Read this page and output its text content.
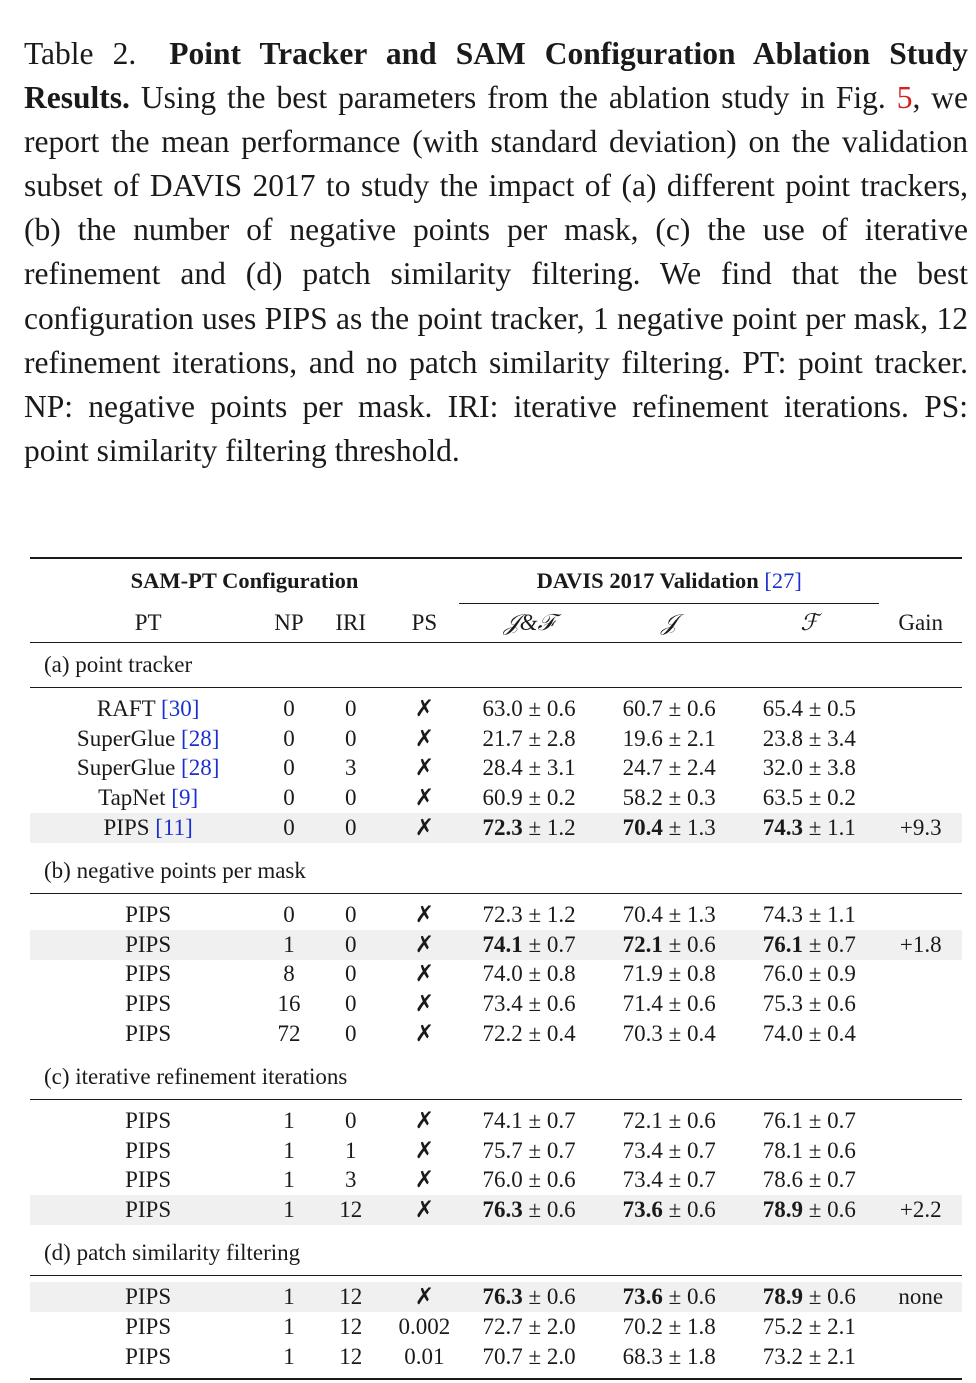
Table 2. Point Tracker and SAM Configuration Ablation Study Results. Using the best parameters from the ablation study in Fig. 5, we report the mean performance (with standard deviation) on the validation subset of DAVIS 2017 to study the impact of (a) different point trackers, (b) the number of negative points per mask, (c) the use of iterative refinement and (d) patch similarity filtering. We find that the best configuration uses PIPS as the point tracker, 1 negative point per mask, 12 refinement iterations, and no patch similarity filtering. PT: point tracker. NP: negative points per mask. IRI: iterative refinement iterations. PS: point similarity filtering threshold.

SAM-PT Configuration				DAVIS 2017 Validation [27]			
PT	NP	IRI	PS	𝒥&ℱ	𝒥	ℱ	Gain
(a) point tracker							

RAFT [30]	0	0	✗	63.0 ± 0.6	60.7 ± 0.6	65.4 ± 0.5	
SuperGlue [28]	0	0	✗	21.7 ± 2.8	19.6 ± 2.1	23.8 ± 3.4	
SuperGlue [28]	0	3	✗	28.4 ± 3.1	24.7 ± 2.4	32.0 ± 3.8	
TapNet [9]	0	0	✗	60.9 ± 0.2	58.2 ± 0.3	63.5 ± 0.2	
PIPS [11]	0	0	✗	72.3 ± 1.2	70.4 ± 1.3	74.3 ± 1.1	+9.3

(b) negative points per mask							

PIPS	0	0	✗	72.3 ± 1.2	70.4 ± 1.3	74.3 ± 1.1	
PIPS	1	0	✗	74.1 ± 0.7	72.1 ± 0.6	76.1 ± 0.7	+1.8
PIPS	8	0	✗	74.0 ± 0.8	71.9 ± 0.8	76.0 ± 0.9	
PIPS	16	0	✗	73.4 ± 0.6	71.4 ± 0.6	75.3 ± 0.6	
PIPS	72	0	✗	72.2 ± 0.4	70.3 ± 0.4	74.0 ± 0.4	

(c) iterative refinement iterations							

PIPS	1	0	✗	74.1 ± 0.7	72.1 ± 0.6	76.1 ± 0.7	
PIPS	1	1	✗	75.7 ± 0.7	73.4 ± 0.7	78.1 ± 0.6	
PIPS	1	3	✗	76.0 ± 0.6	73.4 ± 0.7	78.6 ± 0.7	
PIPS	1	12	✗	76.3 ± 0.6	73.6 ± 0.6	78.9 ± 0.6	+2.2

(d) patch similarity filtering							

PIPS	1	12	✗	76.3 ± 0.6	73.6 ± 0.6	78.9 ± 0.6	none
PIPS	1	12	0.002	72.7 ± 2.0	70.2 ± 1.8	75.2 ± 2.1	
PIPS	1	12	0.01	70.7 ± 2.0	68.3 ± 1.8	73.2 ± 2.1	
